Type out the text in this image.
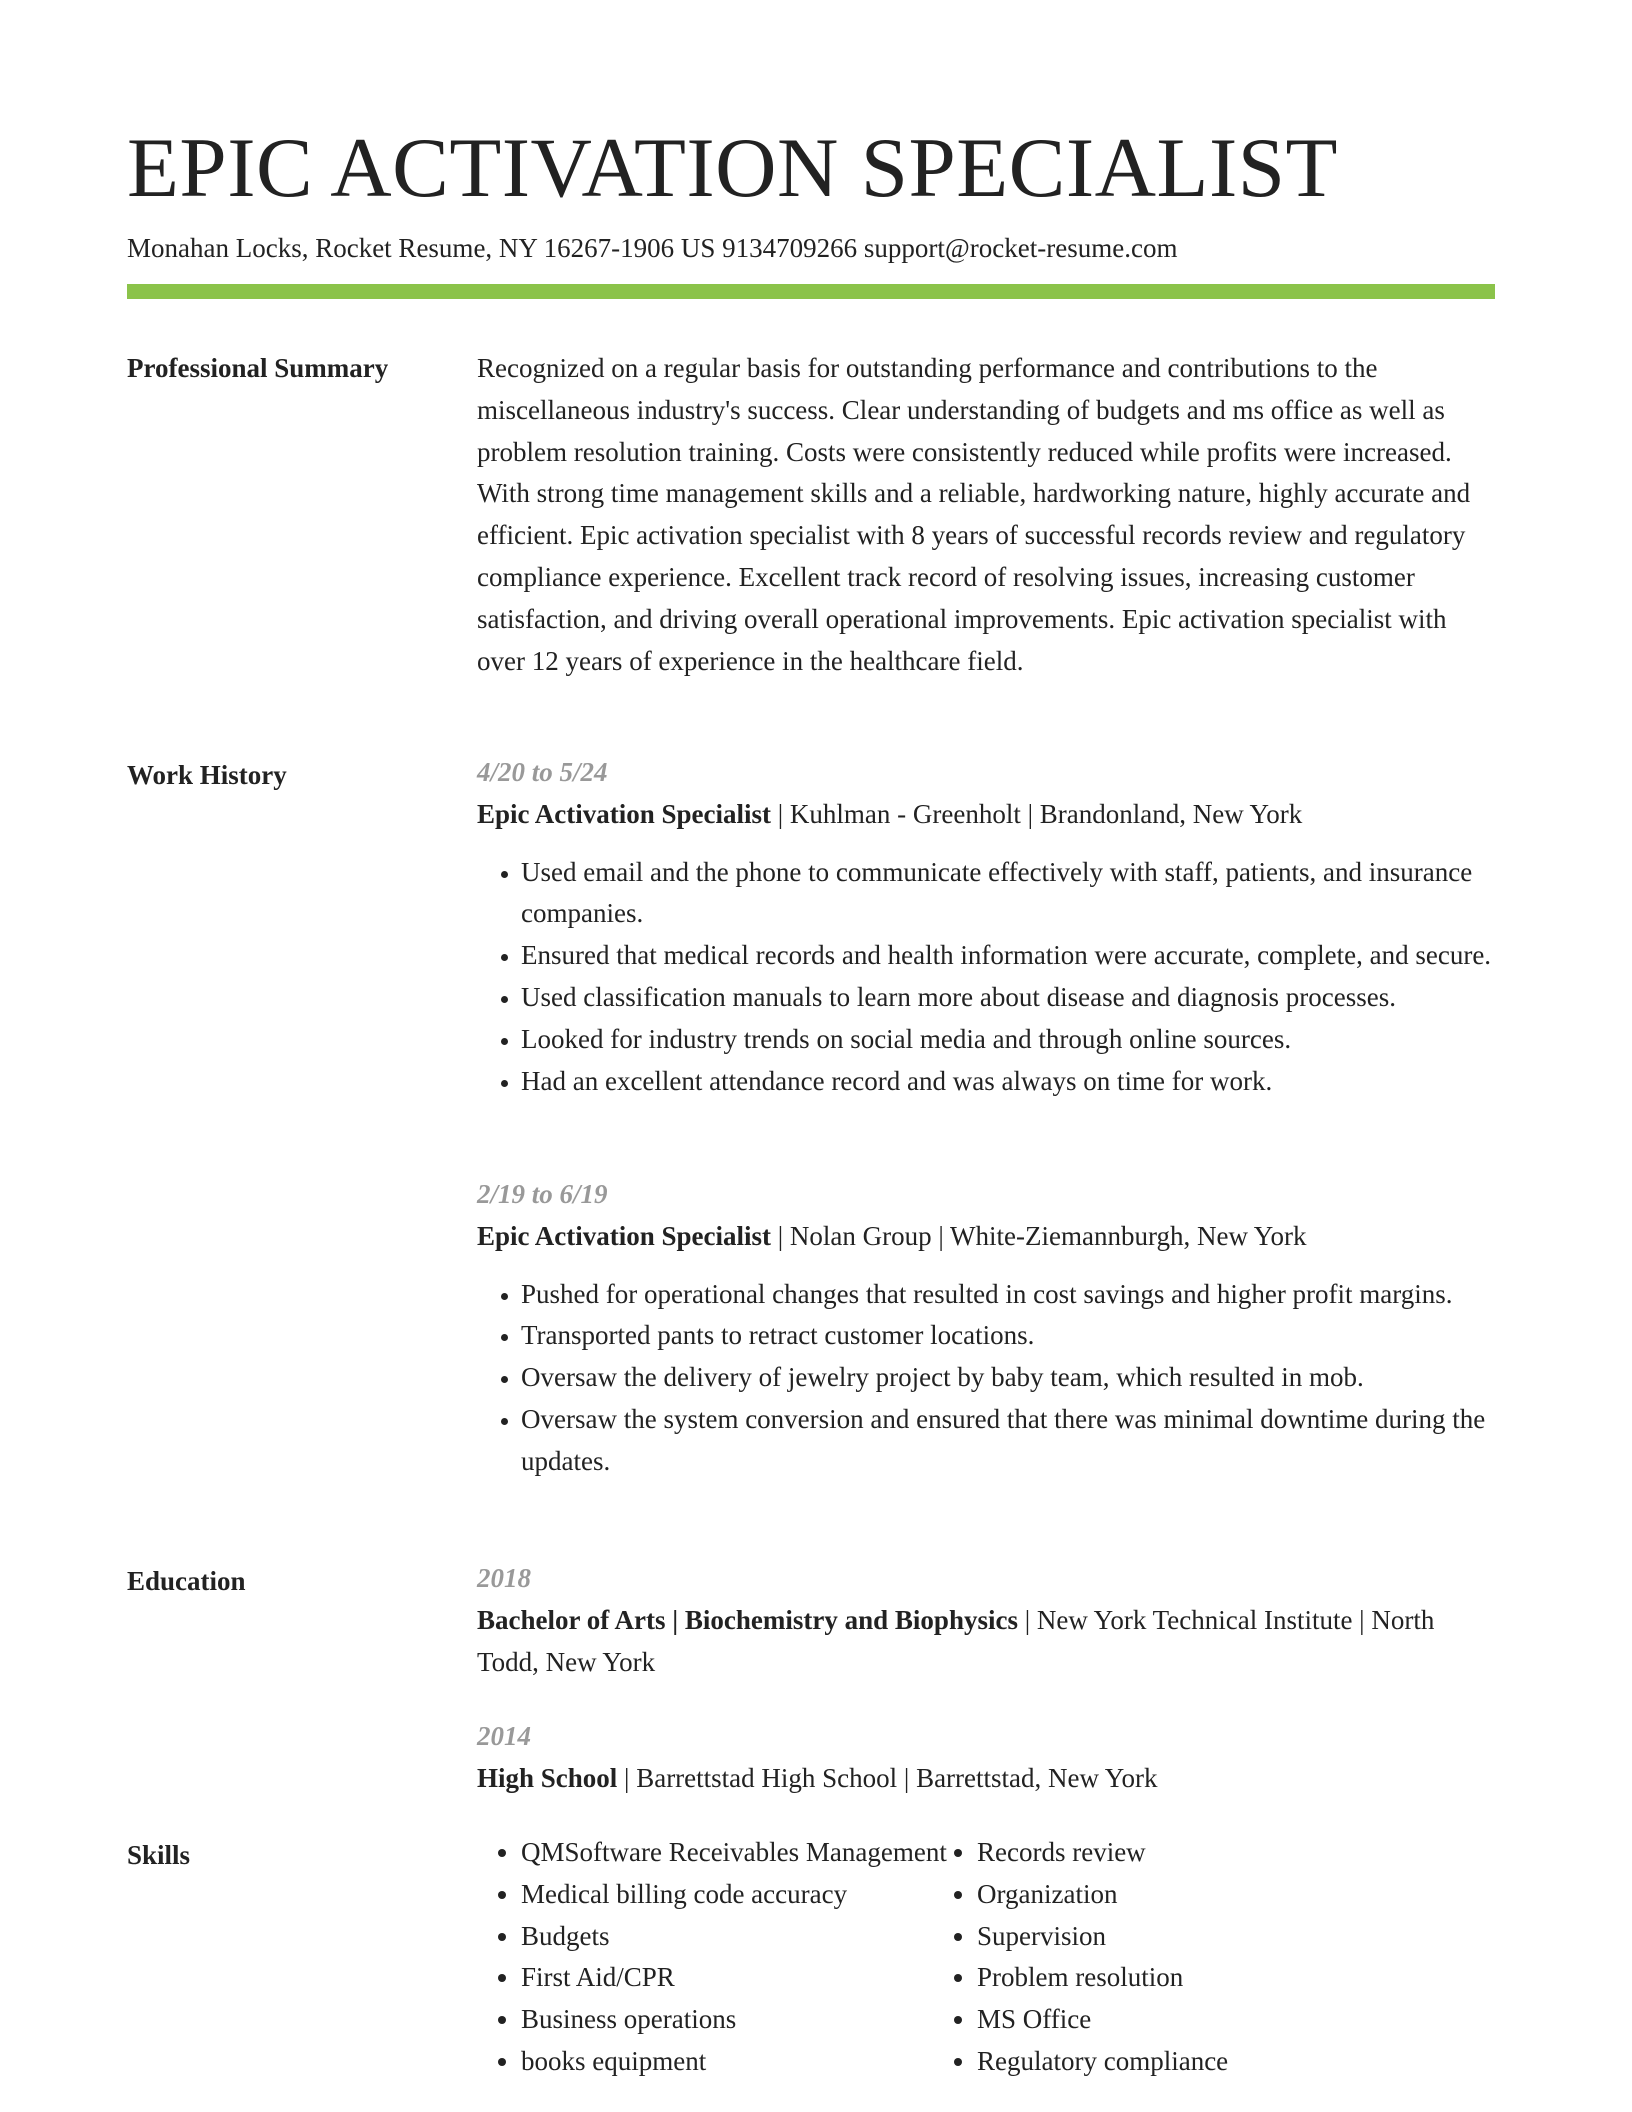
EPIC ACTIVATION SPECIALIST
Monahan Locks, Rocket Resume, NY 16267-1906 US 9134709266 support@rocket-resume.com
Professional Summary	Recognized on a regular basis for outstanding performance and contributions to the miscellaneous industry's success. Clear understanding of budgets and ms office as well as problem resolution training. Costs were consistently reduced while profits were increased. With strong time management skills and a reliable, hardworking nature, highly accurate and efficient. Epic activation specialist with 8 years of successful records review and regulatory compliance experience. Excellent track record of resolving issues, increasing customer satisfaction, and driving overall operational improvements. Epic activation specialist with over 12 years of experience in the healthcare field.
Work History	4/20 to 5/24
Epic Activation Specialist | Kuhlman - Greenholt | Brandonland, New York
• Used email and the phone to communicate effectively with staff, patients, and insurance companies.
• Ensured that medical records and health information were accurate, complete, and secure.
• Used classification manuals to learn more about disease and diagnosis processes.
• Looked for industry trends on social media and through online sources.
• Had an excellent attendance record and was always on time for work.
2/19 to 6/19
Epic Activation Specialist | Nolan Group | White-Ziemannburgh, New York
• Pushed for operational changes that resulted in cost savings and higher profit margins.
• Transported pants to retract customer locations.
• Oversaw the delivery of jewelry project by baby team, which resulted in mob.
• Oversaw the system conversion and ensured that there was minimal downtime during the updates.
Education	2018
Bachelor of Arts | Biochemistry and Biophysics | New York Technical Institute | North Todd, New York
2014
High School | Barrettstad High School | Barrettstad, New York
Skills
•	QMSoftware Receivables Management
• Medical billing code accuracy
• Budgets
• First Aid/CPR
• Business operations
• books equipment
• Records review
• Organization
• Supervision
• Problem resolution
• MS Office
• Regulatory compliance
